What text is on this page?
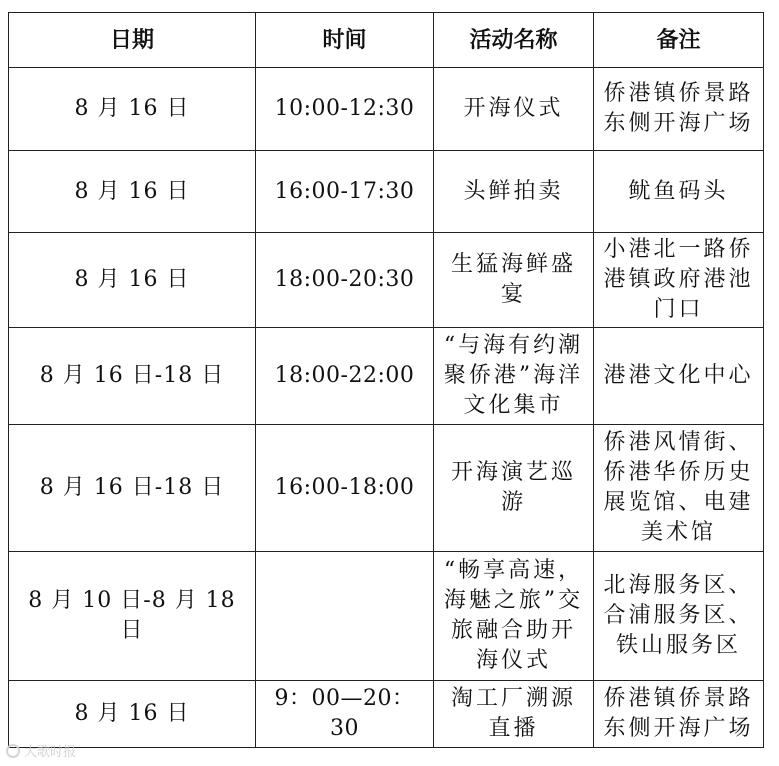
日期	时间	活动名称	备注
8 月 16 日	10:00-12:30	开海仪式	侨港镇侨景路东侧开海广场
8 月 16 日	16:00-17:30	头鲜拍卖	鱿鱼码头
8 月 16 日	18:00-20:30	生猛海鲜盛宴	小港北一路侨港镇政府港池门口
8 月 16 日-18 日	18:00-22:00	“与海有约潮聚侨港”海洋文化集市	港港文化中心
8 月 16 日-18 日	16:00-18:00	开海演艺巡游	侨港风情街、侨港华侨历史展览馆、电建美术馆
8 月 10 日-8 月 18 日		“畅享高速，海魅之旅”交旅融合助开海仪式	北海服务区、合浦服务区、铁山服务区
8 月 16 日	9：00—20：30	淘工厂溯源直播	侨港镇侨景路东侧开海广场
大歌时报
